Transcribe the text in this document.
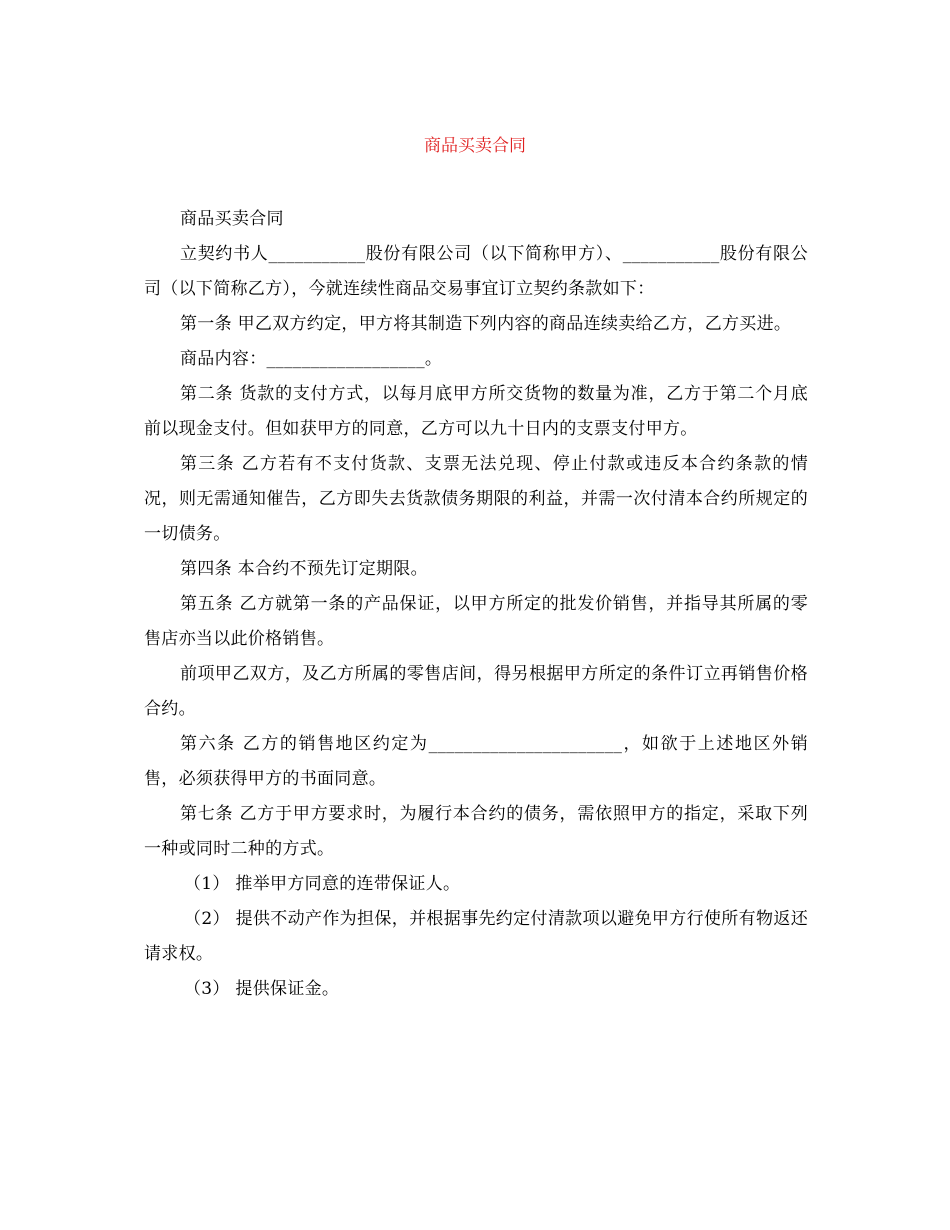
商品买卖合同

商品买卖合同

立契约书人___________股份有限公司（以下简称甲方）、___________股份有限公司（以下简称乙方），今就连续性商品交易事宜订立契约条款如下：

第一条 甲乙双方约定，甲方将其制造下列内容的商品连续卖给乙方，乙方买进。

商品内容：__________________。

第二条 货款的支付方式，以每月底甲方所交货物的数量为准，乙方于第二个月底前以现金支付。但如获甲方的同意，乙方可以九十日内的支票支付甲方。

第三条 乙方若有不支付货款、支票无法兑现、停止付款或违反本合约条款的情况，则无需通知催告，乙方即失去货款债务期限的利益，并需一次付清本合约所规定的一切债务。

第四条 本合约不预先订定期限。

第五条 乙方就第一条的产品保证，以甲方所定的批发价销售，并指导其所属的零售店亦当以此价格销售。

前项甲乙双方，及乙方所属的零售店间，得另根据甲方所定的条件订立再销售价格合约。

第六条 乙方的销售地区约定为______________________，如欲于上述地区外销售，必须获得甲方的书面同意。

第七条 乙方于甲方要求时，为履行本合约的债务，需依照甲方的指定，采取下列一种或同时二种的方式。

（1） 推举甲方同意的连带保证人。

（2） 提供不动产作为担保，并根据事先约定付清款项以避免甲方行使所有物返还请求权。

（3） 提供保证金。
